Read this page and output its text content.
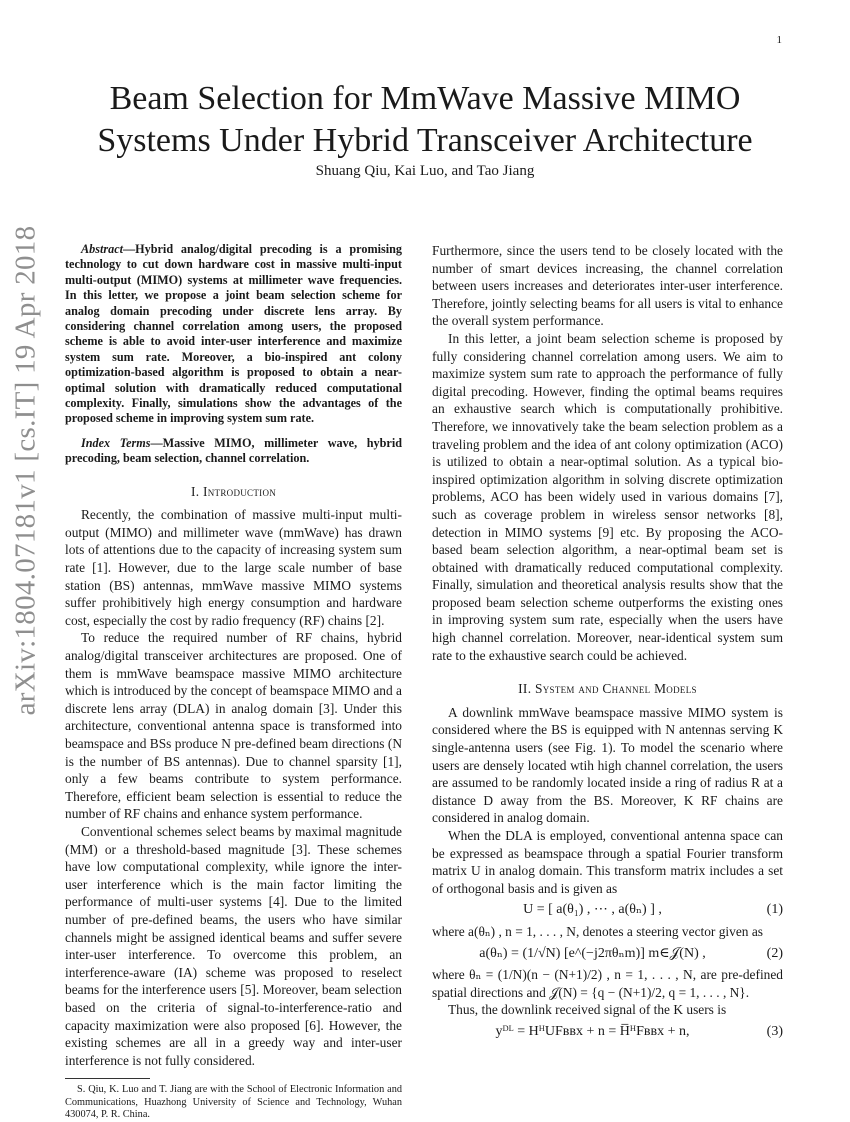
1
arXiv:1804.07181v1 [cs.IT] 19 Apr 2018
Beam Selection for MmWave Massive MIMO Systems Under Hybrid Transceiver Architecture
Shuang Qiu, Kai Luo, and Tao Jiang

Abstract—Hybrid analog/digital precoding is a promising technology to cut down hardware cost in massive multi-input multi-output (MIMO) systems at millimeter wave frequencies. In this letter, we propose a joint beam selection scheme for analog domain precoding under discrete lens array. By considering channel correlation among users, the proposed scheme is able to avoid inter-user interference and maximize system sum rate. Moreover, a bio-inspired ant colony optimization-based algorithm is proposed to obtain a near-optimal solution with dramatically reduced computational complexity. Finally, simulations show the advantages of the proposed scheme in improving system sum rate.

Index Terms—Massive MIMO, millimeter wave, hybrid precoding, beam selection, channel correlation.

I. Introduction

Recently, the combination of massive multi-input multi-output (MIMO) and millimeter wave (mmWave) has drawn lots of attentions due to the capacity of increasing system sum rate [1]. However, due to the large scale number of base station (BS) antennas, mmWave massive MIMO systems suffer prohibitively high energy consumption and hardware cost, especially the cost by radio frequency (RF) chains [2].

To reduce the required number of RF chains, hybrid analog/digital transceiver architectures are proposed. One of them is mmWave beamspace massive MIMO architecture which is introduced by the concept of beamspace MIMO and a discrete lens array (DLA) in analog domain [3]. Under this architecture, conventional antenna space is transformed into beamspace and BSs produce N pre-defined beam directions (N is the number of BS antennas). Due to channel sparsity [1], only a few beams contribute to system performance. Therefore, efficient beam selection is essential to reduce the number of RF chains and enhance system performance.

Conventional schemes select beams by maximal magnitude (MM) or a threshold-based magnitude [3]. These schemes have low computational complexity, while ignore the inter-user interference which is the main factor limiting the performance of multi-user systems [4]. Due to the limited number of pre-defined beams, the users who have similar channels might be assigned identical beams and suffer severe inter-user interference. To overcome this problem, an interference-aware (IA) scheme was proposed to reselect beams for the interference users [5]. Moreover, beam selection based on the criteria of signal-to-interference-ratio and capacity maximization were also proposed [6]. However, the existing schemes are all in a greedy way and inter-user interference is not fully considered.

S. Qiu, K. Luo and T. Jiang are with the School of Electronic Information and Communications, Huazhong University of Science and Technology, Wuhan 430074, P. R. China.

Furthermore, since the users tend to be closely located with the number of smart devices increasing, the channel correlation between users increases and deteriorates inter-user interference. Therefore, jointly selecting beams for all users is vital to enhance the overall system performance.

In this letter, a joint beam selection scheme is proposed by fully considering channel correlation among users. We aim to maximize system sum rate to approach the performance of fully digital precoding. However, finding the optimal beams requires an exhaustive search which is computationally prohibitive. Therefore, we innovatively take the beam selection problem as a traveling problem and the idea of ant colony optimization (ACO) is utilized to obtain a near-optimal solution. As a typical bio-inspired optimization algorithm in solving discrete optimization problems, ACO has been widely used in various domains [7], such as coverage problem in wireless sensor networks [8], detection in MIMO systems [9] etc. By proposing the ACO-based beam selection algorithm, a near-optimal beam set is obtained with dramatically reduced computational complexity. Finally, simulation and theoretical analysis results show that the proposed beam selection scheme outperforms the existing ones in improving system sum rate, especially when the users have high channel correlation. Moreover, near-identical system sum rate to the exhaustive search could be achieved.

II. System and Channel Models

A downlink mmWave beamspace massive MIMO system is considered where the BS is equipped with N antennas serving K single-antenna users (see Fig. 1). To model the scenario where users are densely located wtih high channel correlation, the users are assumed to be randomly located inside a ring of radius R at a distance D away from the BS. Moreover, K RF chains are considered in analog domain.

When the DLA is employed, conventional antenna space can be expressed as beamspace through a spatial Fourier transform matrix U in analog domain. This transform matrix includes a set of orthogonal basis and is given as

U = [ a(θ₁) , ⋯ , a(θₙ) ] ,	(1)

where a(θₙ) , n = 1, . . . , N, denotes a steering vector given as

a(θₙ) = (1/√N) [e^(−j2πθₙm)] m∈𝒥(N) ,	(2)

where θₙ = (1/N)(n − (N+1)/2) , n = 1, . . . , N, are pre-defined spatial directions and 𝒥(N) = {q − (N+1)/2, q = 1, . . . , N}.

Thus, the downlink received signal of the K users is

yᴰᴸ = HᴴUFʙʙx + n = H̅ᴴFʙʙx + n,	(3)
